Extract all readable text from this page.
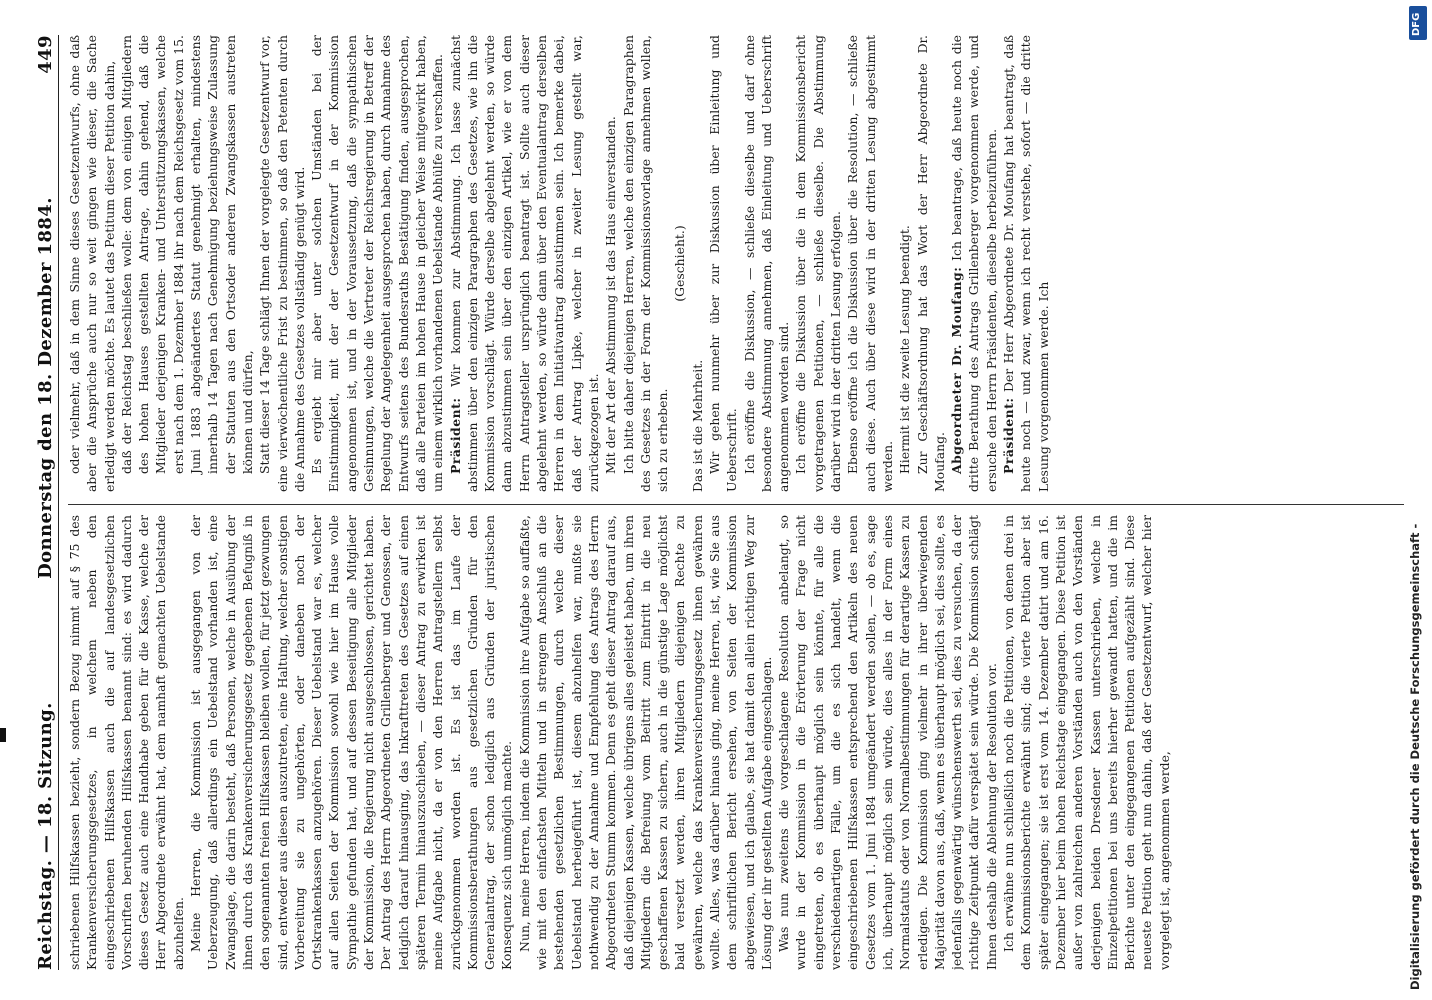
Reichstag. — 18. Sitzung.
Donnerstag den 18. Dezember 1884.
449

schriebenen Hilfskassen bezieht, sondern Bezug nimmt auf § 75 des Krankenversicherungsgesetzes, in welchem neben den eingeschriebenen Hilfskassen auch die auf landesgesetzlichen Vorschriften beruhenden Hilfskassen benannt sind: es wird dadurch dieses Gesetz auch eine Handhabe geben für die Kasse, welche der Herr Abgeordnete erwähnt hat, dem namhaft gemachten Uebelstande abzuhelfen. Meine Herren, die Kommission ist ausgegangen von der Ueberzeugung, daß allerdings ein Uebelstand vorhanden ist, eine Zwangslage, die darin besteht, daß Personen, welche in Ausübung der ihnen durch das Krankenversicherungsgesetz gegebenen Befugniß in den sogenannten freien Hilfskassen bleiben wollen, für jetzt gezwungen sind, entweder aus diesen auszutreten, eine Haltung, welcher sonstigen Vorbereitung sie zu ungehörten, oder daneben noch der Ortskrankenkassen anzugehören. Dieser Uebelstand war es, welcher auf allen Seiten der Kommission sowohl wie hier im Hause volle Sympathie gefunden hat, und auf dessen Beseitigung alle Mitglieder der Kommission, die Regierung nicht ausgeschlossen, gerichtet haben. Der Antrag des Herrn Abgeordneten Grillenberger und Genossen, der lediglich darauf hinausging, das Inkrafttreten des Gesetzes auf einen späteren Termin hinauszuschieben, — dieser Antrag zu erwirken ist meine Aufgabe nicht, da er von den Herren Antragstellern selbst zurückgenommen worden ist. Es ist das im Laufe der Kommissionsberathungen aus gesetzlichen Gründen für den Generalantrag, der schon lediglich aus Gründen der juristischen Konsequenz sich unmöglich machte. Nun, meine Herren, indem die Kommission ihre Aufgabe so auffaßte, wie mit den einfachsten Mitteln und in strengem Anschluß an die bestehenden gesetzlichen Bestimmungen, durch welche dieser Uebelstand herbeigeführt ist, diesem abzuhelfen war, mußte sie nothwendig zu der Annahme und Empfehlung des Antrags des Herrn Abgeordneten Stumm kommen. Denn es geht dieser Antrag darauf aus, daß diejenigen Kassen, welche übrigens alles geleistet haben, um ihren Mitgliedern die Befreiung vom Beitritt zum Eintritt in die neu geschaffenen Kassen zu sichern, auch in die günstige Lage möglichst bald versetzt werden, ihren Mitgliedern diejenigen Rechte zu gewähren, welche das Krankenversicherungsgesetz ihnen gewähren wollte. Alles, was darüber hinaus ging, meine Herren, ist, wie Sie aus dem schriftlichen Bericht ersehen, von Seiten der Kommission abgewiesen, und ich glaube, sie hat damit den allein richtigen Weg zur Lösung der ihr gestellten Aufgabe eingeschlagen. Was nun zweitens die vorgeschlagene Resolution anbelangt, so wurde in der Kommission in die Erörterung der Frage nicht eingetreten, ob es überhaupt möglich sein könnte, für alle die verschiedenartigen Fälle, um die es sich handelt, wenn die eingeschriebenen Hilfskassen entsprechend den Artikeln des neuen Gesetzes vom 1. Juni 1884 umgeändert werden sollen, — ob es, sage ich, überhaupt möglich sein würde, dies alles in der Form eines Normalstatuts oder von Normalbestimmungen für derartige Kassen zu erledigen. Die Kommission ging vielmehr in ihrer überwiegenden Majorität davon aus, daß, wenn es überhaupt möglich sei, dies sollte, es jedenfalls gegenwärtig wünschenswerth sei, dies zu versuchen, da der richtige Zeitpunkt dafür verspätet sein würde. Die Kommission schlägt Ihnen deshalb die Ablehnung der Resolution vor. Ich erwähne nun schließlich noch die Petitionen, von denen drei in dem Kommissionsberichte erwähnt sind; die vierte Petition aber ist später eingegangen; sie ist erst vom 14. Dezember datirt und am 16. Dezember hier beim hohen Reichstage eingegangen. Diese Petition ist außer von zahlreichen anderen Vorständen auch von den Vorständen derjenigen beiden Dresdener Kassen unterschrieben, welche in Einzelpetitionen bei uns bereits hierher gewandt hatten, und die im Berichte unter den eingegangenen Petitionen aufgezählt sind. Diese neueste Petition geht nun dahin, daß der Gesetzentwurf, welcher hier vorgelegt ist, angenommen werde,

oder vielmehr, daß in dem Sinne dieses Gesetzentwurfs, ohne daß aber die Ansprüche auch nur so weit gingen wie dieser, die Sache erledigt werden möchte. Es lautet das Petitum dieser Petition dahin, daß der Reichstag beschließen wolle: dem von einigen Mitgliedern des hohen Hauses gestellten Antrage, dahin gehend, daß die Mitglieder derjenigen Kranken- und Unterstützungskassen, welche erst nach dem 1. Dezember 1884 ihr nach dem Reichsgesetz vom 15. Juni 1883 abgeändertes Statut genehmigt erhalten, mindestens innerhalb 14 Tagen nach Genehmigung beziehungsweise Zulassung der Statuten aus den Ortsoder anderen Zwangskassen austreten können und dürfen, Statt dieser 14 Tage schlägt Ihnen der vorgelegte Gesetzentwurf vor, eine vierwöchentliche Frist zu bestimmen, so daß den Petenten durch die Annahme des Gesetzes vollständig genügt wird. Es ergiebt mir aber unter solchen Umständen bei der Einstimmigkeit, mit der der Gesetzentwurf in der Kommission angenommen ist, und in der Voraussetzung, daß die sympathischen Gesinnungen, welche die Vertreter der Reichsregierung in Betreff der Regelung der Angelegenheit ausgesprochen haben, durch Annahme des Entwurfs seitens des Bundesraths Bestätigung finden, ausgesprochen, daß alle Parteien im hohen Hause in gleicher Weise mitgewirkt haben, um einem wirklich vorhandenen Uebelstande Abhülfe zu verschaffen. Präsident: Wir kommen zur Abstimmung. Ich lasse zunächst abstimmen über den einzigen Paragraphen des Gesetzes, wie ihn die Kommission vorschlägt. Würde derselbe abgelehnt werden, so würde dann abzustimmen sein über den einzigen Artikel, wie er von dem Herrn Antragsteller ursprünglich beantragt ist. Sollte auch dieser abgelehnt werden, so würde dann über den Eventualantrag derselben Herren in dem Initiativantrag abzustimmen sein. Ich bemerke dabei, daß der Antrag Lipke, welcher in zweiter Lesung gestellt war, zurückgezogen ist. Mit der Art der Abstimmung ist das Haus einverstanden. Ich bitte daher diejenigen Herren, welche den einzigen Paragraphen des Gesetzes in der Form der Kommissionsvorlage annehmen wollen, sich zu erheben.

(Geschieht.)

Das ist die Mehrheit. Wir gehen nunmehr über zur Diskussion über Einleitung und Ueberschrift. Ich eröffne die Diskussion, — schließe dieselbe und darf ohne besondere Abstimmung annehmen, daß Einleitung und Ueberschrift angenommen worden sind. Ich eröffne die Diskussion über die in dem Kommissionsbericht vorgetragenen Petitionen, — schließe dieselbe. Die Abstimmung darüber wird in der dritten Lesung erfolgen. Ebenso eröffne ich die Diskussion über die Resolution, — schließe auch diese. Auch über diese wird in der dritten Lesung abgestimmt werden. Hiermit ist die zweite Lesung beendigt. Zur Geschäftsordnung hat das Wort der Herr Abgeordnete Dr. Moufang. Abgeordneter Dr. Moufang: Ich beantrage, daß heute noch die dritte Berathung des Antrags Grillenberger vorgenommen werde, und ersuche den Herrn Präsidenten, dieselbe herbeizuführen. Präsident: Der Herr Abgeordnete Dr. Moufang hat beantragt, daß heute noch — und zwar, wenn ich recht verstehe, sofort — die dritte Lesung vorgenommen werde. Ich

Digitalisierung gefördert durch die Deutsche Forschungsgemeinschaft -
DFG
